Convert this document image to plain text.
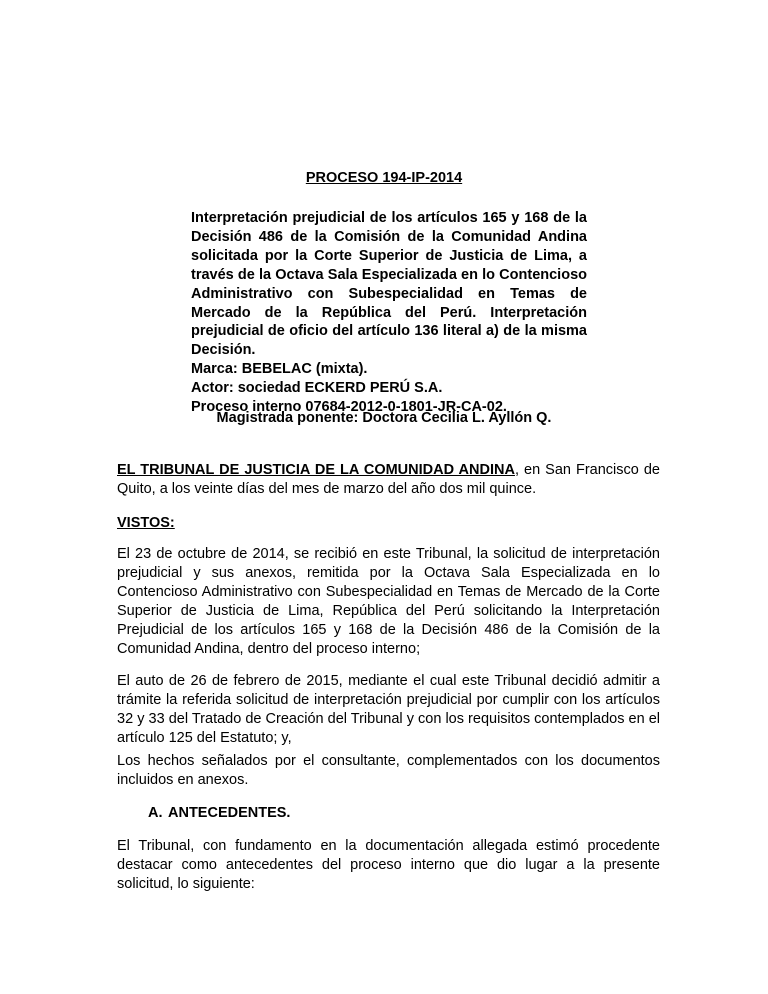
PROCESO 194-IP-2014
Interpretación prejudicial de los artículos 165 y 168 de la Decisión 486 de la Comisión de la Comunidad Andina solicitada por la Corte Superior de Justicia de Lima, a través de la Octava Sala Especializada en lo Contencioso Administrativo con Subespecialidad en Temas de Mercado de la República del Perú. Interpretación prejudicial de oficio del artículo 136 literal a) de la misma Decisión.
Marca: BEBELAC (mixta).
Actor: sociedad ECKERD PERÚ S.A.
Proceso interno 07684-2012-0-1801-JR-CA-02.
Magistrada ponente: Doctora Cecilia L. Ayllón Q.

EL TRIBUNAL DE JUSTICIA DE LA COMUNIDAD ANDINA, en San Francisco de Quito, a los veinte días del mes de marzo del año dos mil quince.

VISTOS:

El 23 de octubre de 2014, se recibió en este Tribunal, la solicitud de interpretación prejudicial y sus anexos, remitida por la Octava Sala Especializada en lo Contencioso Administrativo con Subespecialidad en Temas de Mercado de la Corte Superior de Justicia de Lima, República del Perú solicitando la Interpretación Prejudicial de los artículos 165 y 168 de la Decisión 486 de la Comisión de la Comunidad Andina, dentro del proceso interno;

El auto de 26 de febrero de 2015, mediante el cual este Tribunal decidió admitir a trámite la referida solicitud de interpretación prejudicial por cumplir con los artículos 32 y 33 del Tratado de Creación del Tribunal y con los requisitos contemplados en el artículo 125 del Estatuto; y,

Los hechos señalados por el consultante, complementados con los documentos incluidos en anexos.

A. ANTECEDENTES.

El Tribunal, con fundamento en la documentación allegada estimó procedente destacar como antecedentes del proceso interno que dio lugar a la presente solicitud, lo siguiente:
